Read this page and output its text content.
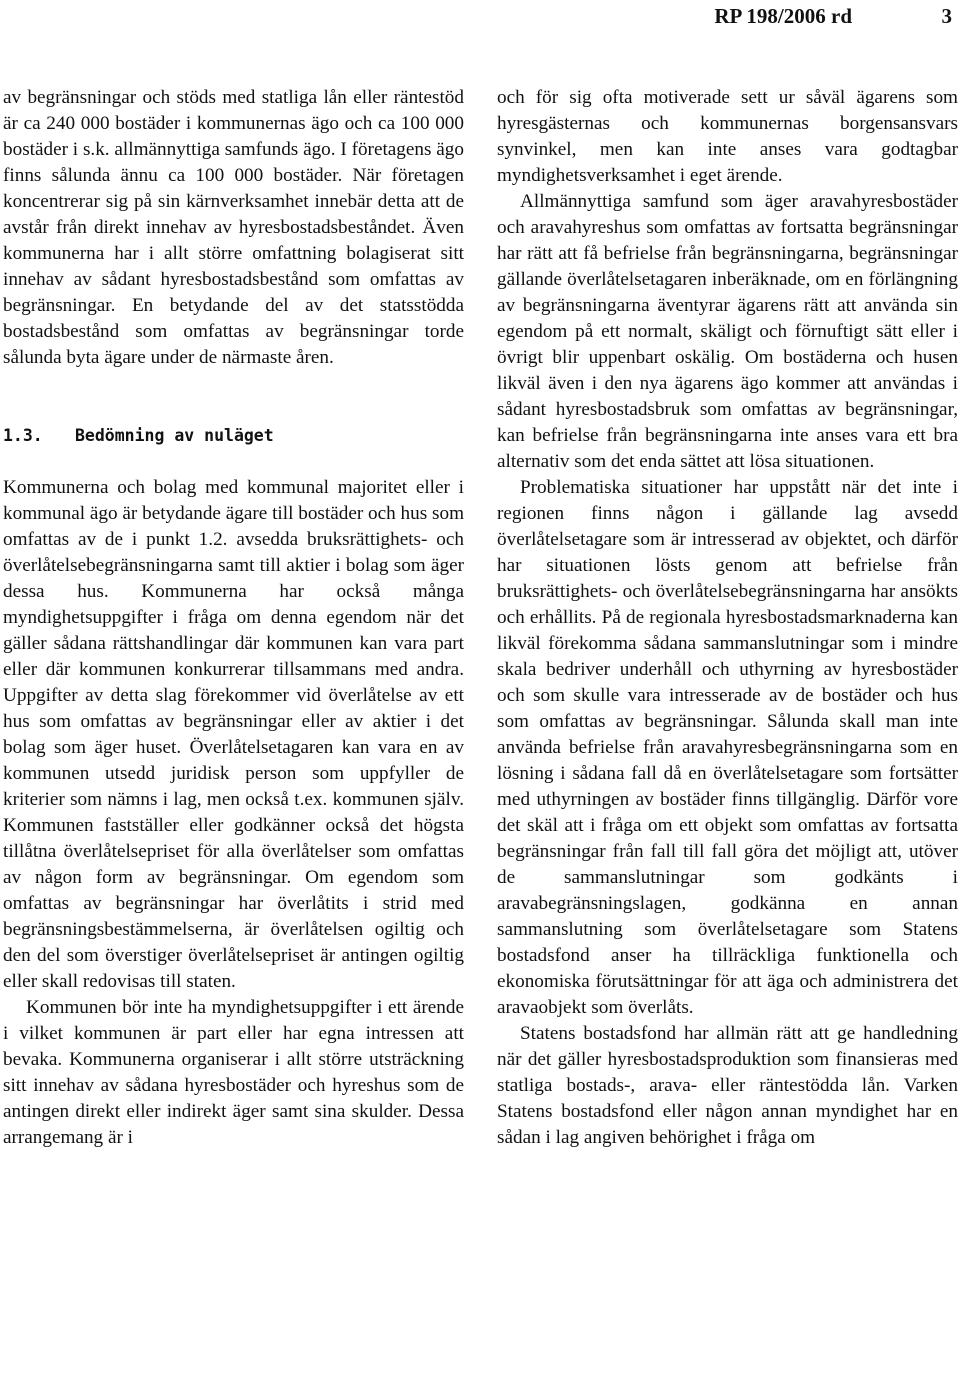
RP 198/2006 rd	3

av begränsningar och stöds med statliga lån eller räntestöd är ca 240 000 bostäder i kommunernas ägo och ca 100 000 bostäder i s.k. allmännyttiga samfunds ägo. I företagens ägo finns sålunda ännu ca 100 000 bostäder. När företagen koncentrerar sig på sin kärnverksamhet innebär detta att de avstår från direkt innehav av hyresbostadsbeståndet. Även kommunerna har i allt större omfattning bolagiserat sitt innehav av sådant hyresbostadsbestånd som omfattas av begränsningar. En betydande del av det statsstödda bostadsbestånd som omfattas av begränsningar torde sålunda byta ägare under de närmaste åren.

1.3. Bedömning av nuläget

Kommunerna och bolag med kommunal majoritet eller i kommunal ägo är betydande ägare till bostäder och hus som omfattas av de i punkt 1.2. avsedda bruksrättighets- och överlåtelsebegränsningarna samt till aktier i bolag som äger dessa hus. Kommunerna har också många myndighetsuppgifter i fråga om denna egendom när det gäller sådana rättshandlingar där kommunen kan vara part eller där kommunen konkurrerar tillsammans med andra. Uppgifter av detta slag förekommer vid överlåtelse av ett hus som omfattas av begränsningar eller av aktier i det bolag som äger huset. Överlåtelsetagaren kan vara en av kommunen utsedd juridisk person som uppfyller de kriterier som nämns i lag, men också t.ex. kommunen själv. Kommunen fastställer eller godkänner också det högsta tillåtna överlåtelsepriset för alla överlåtelser som omfattas av någon form av begränsningar. Om egendom som omfattas av begränsningar har överlåtits i strid med begränsningsbestämmelserna, är överlåtelsen ogiltig och den del som överstiger överlåtelsepriset är antingen ogiltig eller skall redovisas till staten.

Kommunen bör inte ha myndighetsuppgifter i ett ärende i vilket kommunen är part eller har egna intressen att bevaka. Kommunerna organiserar i allt större utsträckning sitt innehav av sådana hyresbostäder och hyreshus som de antingen direkt eller indirekt äger samt sina skulder. Dessa arrangemang är i

och för sig ofta motiverade sett ur såväl ägarens som hyresgästernas och kommunernas borgensansvars synvinkel, men kan inte anses vara godtagbar myndighetsverksamhet i eget ärende.

Allmännyttiga samfund som äger aravahyresbostäder och aravahyreshus som omfattas av fortsatta begränsningar har rätt att få befrielse från begränsningarna, begränsningar gällande överlåtelsetagaren inberäknade, om en förlängning av begränsningarna äventyrar ägarens rätt att använda sin egendom på ett normalt, skäligt och förnuftigt sätt eller i övrigt blir uppenbart oskälig. Om bostäderna och husen likväl även i den nya ägarens ägo kommer att användas i sådant hyresbostadsbruk som omfattas av begränsningar, kan befrielse från begränsningarna inte anses vara ett bra alternativ som det enda sättet att lösa situationen.

Problematiska situationer har uppstått när det inte i regionen finns någon i gällande lag avsedd överlåtelsetagare som är intresserad av objektet, och därför har situationen lösts genom att befrielse från bruksrättighets- och överlåtelsebegränsningarna har ansökts och erhållits. På de regionala hyresbostadsmarknaderna kan likväl förekomma sådana sammanslutningar som i mindre skala bedriver underhåll och uthyrning av hyresbostäder och som skulle vara intresserade av de bostäder och hus som omfattas av begränsningar. Sålunda skall man inte använda befrielse från aravahyresbegränsningarna som en lösning i sådana fall då en överlåtelsetagare som fortsätter med uthyrningen av bostäder finns tillgänglig. Därför vore det skäl att i fråga om ett objekt som omfattas av fortsatta begränsningar från fall till fall göra det möjligt att, utöver de sammanslutningar som godkänts i aravabegränsningslagen, godkänna en annan sammanslutning som överlåtelsetagare som Statens bostadsfond anser ha tillräckliga funktionella och ekonomiska förutsättningar för att äga och administrera det aravaobjekt som överlåts.

Statens bostadsfond har allmän rätt att ge handledning när det gäller hyresbostadsproduktion som finansieras med statliga bostads-, arava- eller räntestödda lån. Varken Statens bostadsfond eller någon annan myndighet har en sådan i lag angiven behörighet i fråga om
